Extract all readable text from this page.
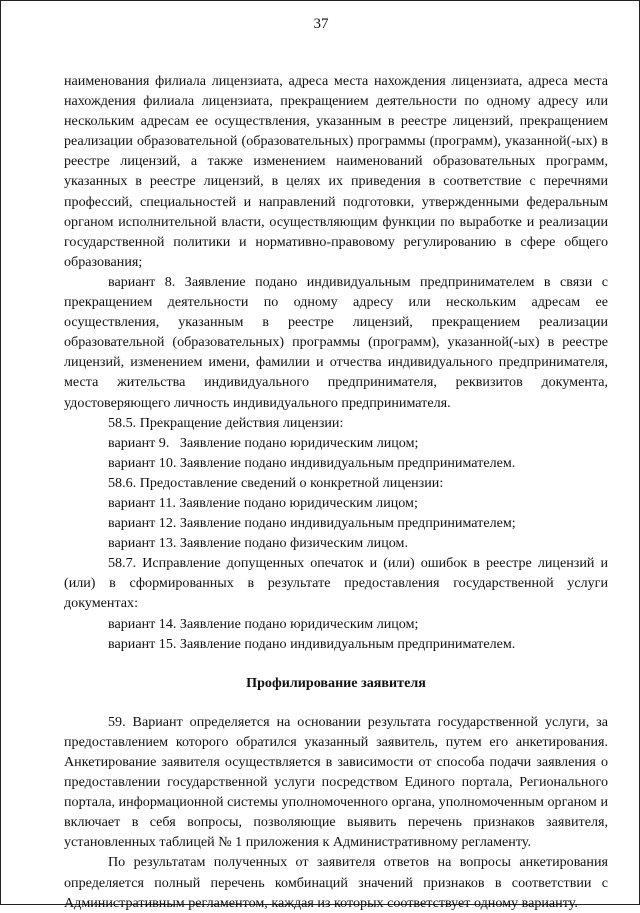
37

наименования филиала лицензиата, адреса места нахождения лицензиата, адреса места нахождения филиала лицензиата, прекращением деятельности по одному адресу или нескольким адресам ее осуществления, указанным в реестре лицензий, прекращением реализации образовательной (образовательных) программы (программ), указанной(-ых) в реестре лицензий, а также изменением наименований образовательных программ, указанных в реестре лицензий, в целях их приведения в соответствие с перечнями профессий, специальностей и направлений подготовки, утвержденными федеральным органом исполнительной власти, осуществляющим функции по выработке и реализации государственной политики и нормативно-правовому регулированию в сфере общего образования;

вариант 8. Заявление подано индивидуальным предпринимателем в связи с прекращением деятельности по одному адресу или нескольким адресам ее осуществления, указанным в реестре лицензий, прекращением реализации образовательной (образовательных) программы (программ), указанной(-ых) в реестре лицензий, изменением имени, фамилии и отчества индивидуального предпринимателя, места жительства индивидуального предпринимателя, реквизитов документа, удостоверяющего личность индивидуального предпринимателя.

58.5. Прекращение действия лицензии:

вариант 9.   Заявление подано юридическим лицом;

вариант 10. Заявление подано индивидуальным предпринимателем.

58.6. Предоставление сведений о конкретной лицензии:

вариант 11. Заявление подано юридическим лицом;

вариант 12. Заявление подано индивидуальным предпринимателем;

вариант 13. Заявление подано физическим лицом.

58.7. Исправление допущенных опечаток и (или) ошибок в реестре лицензий и (или) в сформированных в результате предоставления государственной услуги документах:

вариант 14. Заявление подано юридическим лицом;

вариант 15. Заявление подано индивидуальным предпринимателем.

Профилирование заявителя

59. Вариант определяется на основании результата государственной услуги, за предоставлением которого обратился указанный заявитель, путем его анкетирования. Анкетирование заявителя осуществляется в зависимости от способа подачи заявления о предоставлении государственной услуги посредством Единого портала, Регионального портала, информационной системы уполномоченного органа, уполномоченным органом и включает в себя вопросы, позволяющие выявить перечень признаков заявителя, установленных таблицей № 1 приложения к Административному регламенту.

По результатам полученных от заявителя ответов на вопросы анкетирования определяется полный перечень комбинаций значений признаков в соответствии с Административным регламентом, каждая из которых соответствует одному варианту.
